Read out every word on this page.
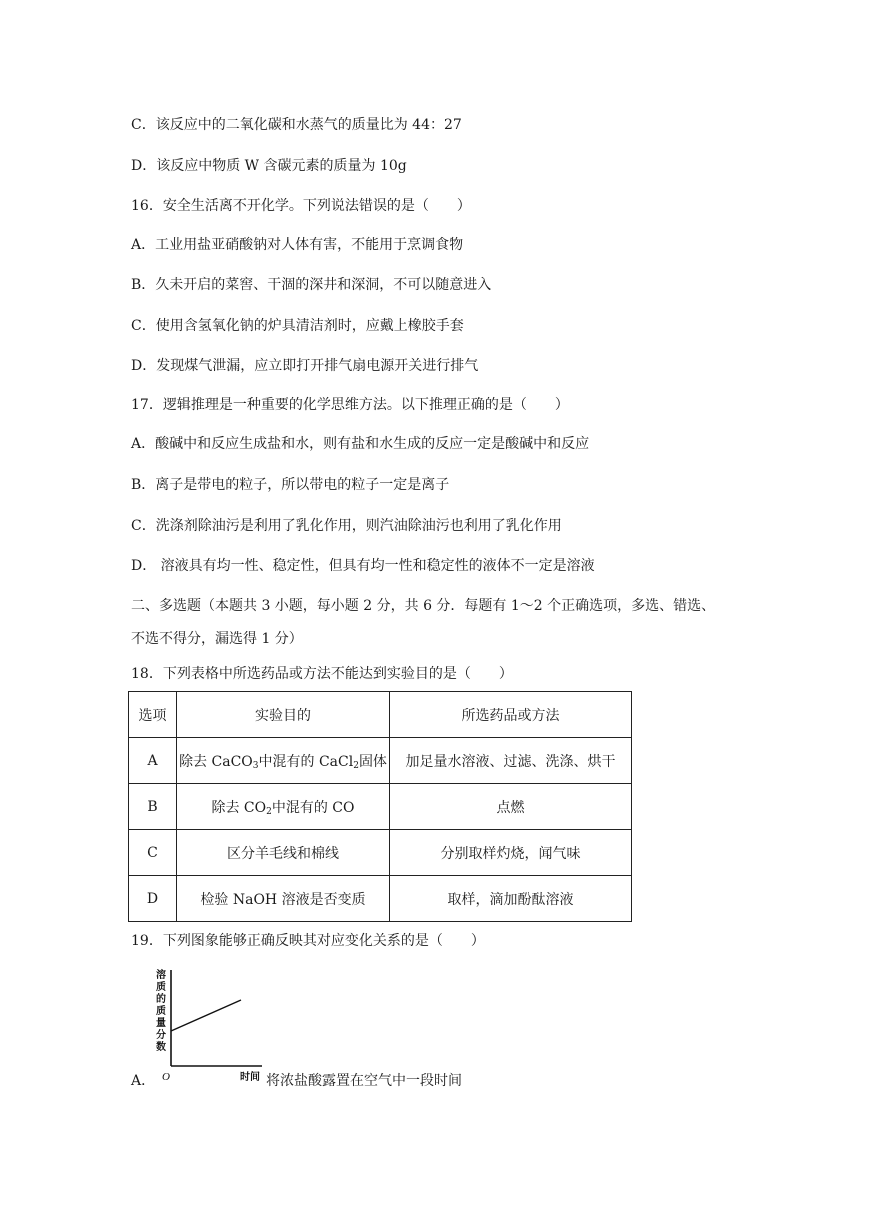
C．该反应中的二氧化碳和水蒸气的质量比为 44：27
D．该反应中物质 W 含碳元素的质量为 10g
16．安全生活离不开化学。下列说法错误的是（　　）
A．工业用盐亚硝酸钠对人体有害，不能用于烹调食物
B．久未开启的菜窖、干涸的深井和深洞，不可以随意进入
C．使用含氢氧化钠的炉具清洁剂时，应戴上橡胶手套
D．发现煤气泄漏，应立即打开排气扇电源开关进行排气
17．逻辑推理是一种重要的化学思维方法。以下推理正确的是（　　）
A．酸碱中和反应生成盐和水，则有盐和水生成的反应一定是酸碱中和反应
B．离子是带电的粒子，所以带电的粒子一定是离子
C．洗涤剂除油污是利用了乳化作用，则汽油除油污也利用了乳化作用
D． 溶液具有均一性、稳定性，但具有均一性和稳定性的液体不一定是溶液
二、多选题（本题共 3 小题，每小题 2 分，共 6 分．每题有 1～2 个正确选项，多选、错选、
不选不得分，漏选得 1 分）
18．下列表格中所选药品或方法不能达到实验目的是（　　）
选项	实验目的	所选药品或方法
A	除去 CaCO$_3$中混有的 CaCl$_2$固体	加足量水溶液、过滤、洗涤、烘干
B	除去 $CO_2$中混有的 CO	点燃
C	区分羊毛线和棉线	分别取样灼烧，闻气味
D	检验 NaOH 溶液是否变质	取样，滴加酚酞溶液
19．下列图象能够正确反映其对应变化关系的是（　　）
溶
质
的
质
量
分
数
O	时间
A．	将浓盐酸露置在空气中一段时间
